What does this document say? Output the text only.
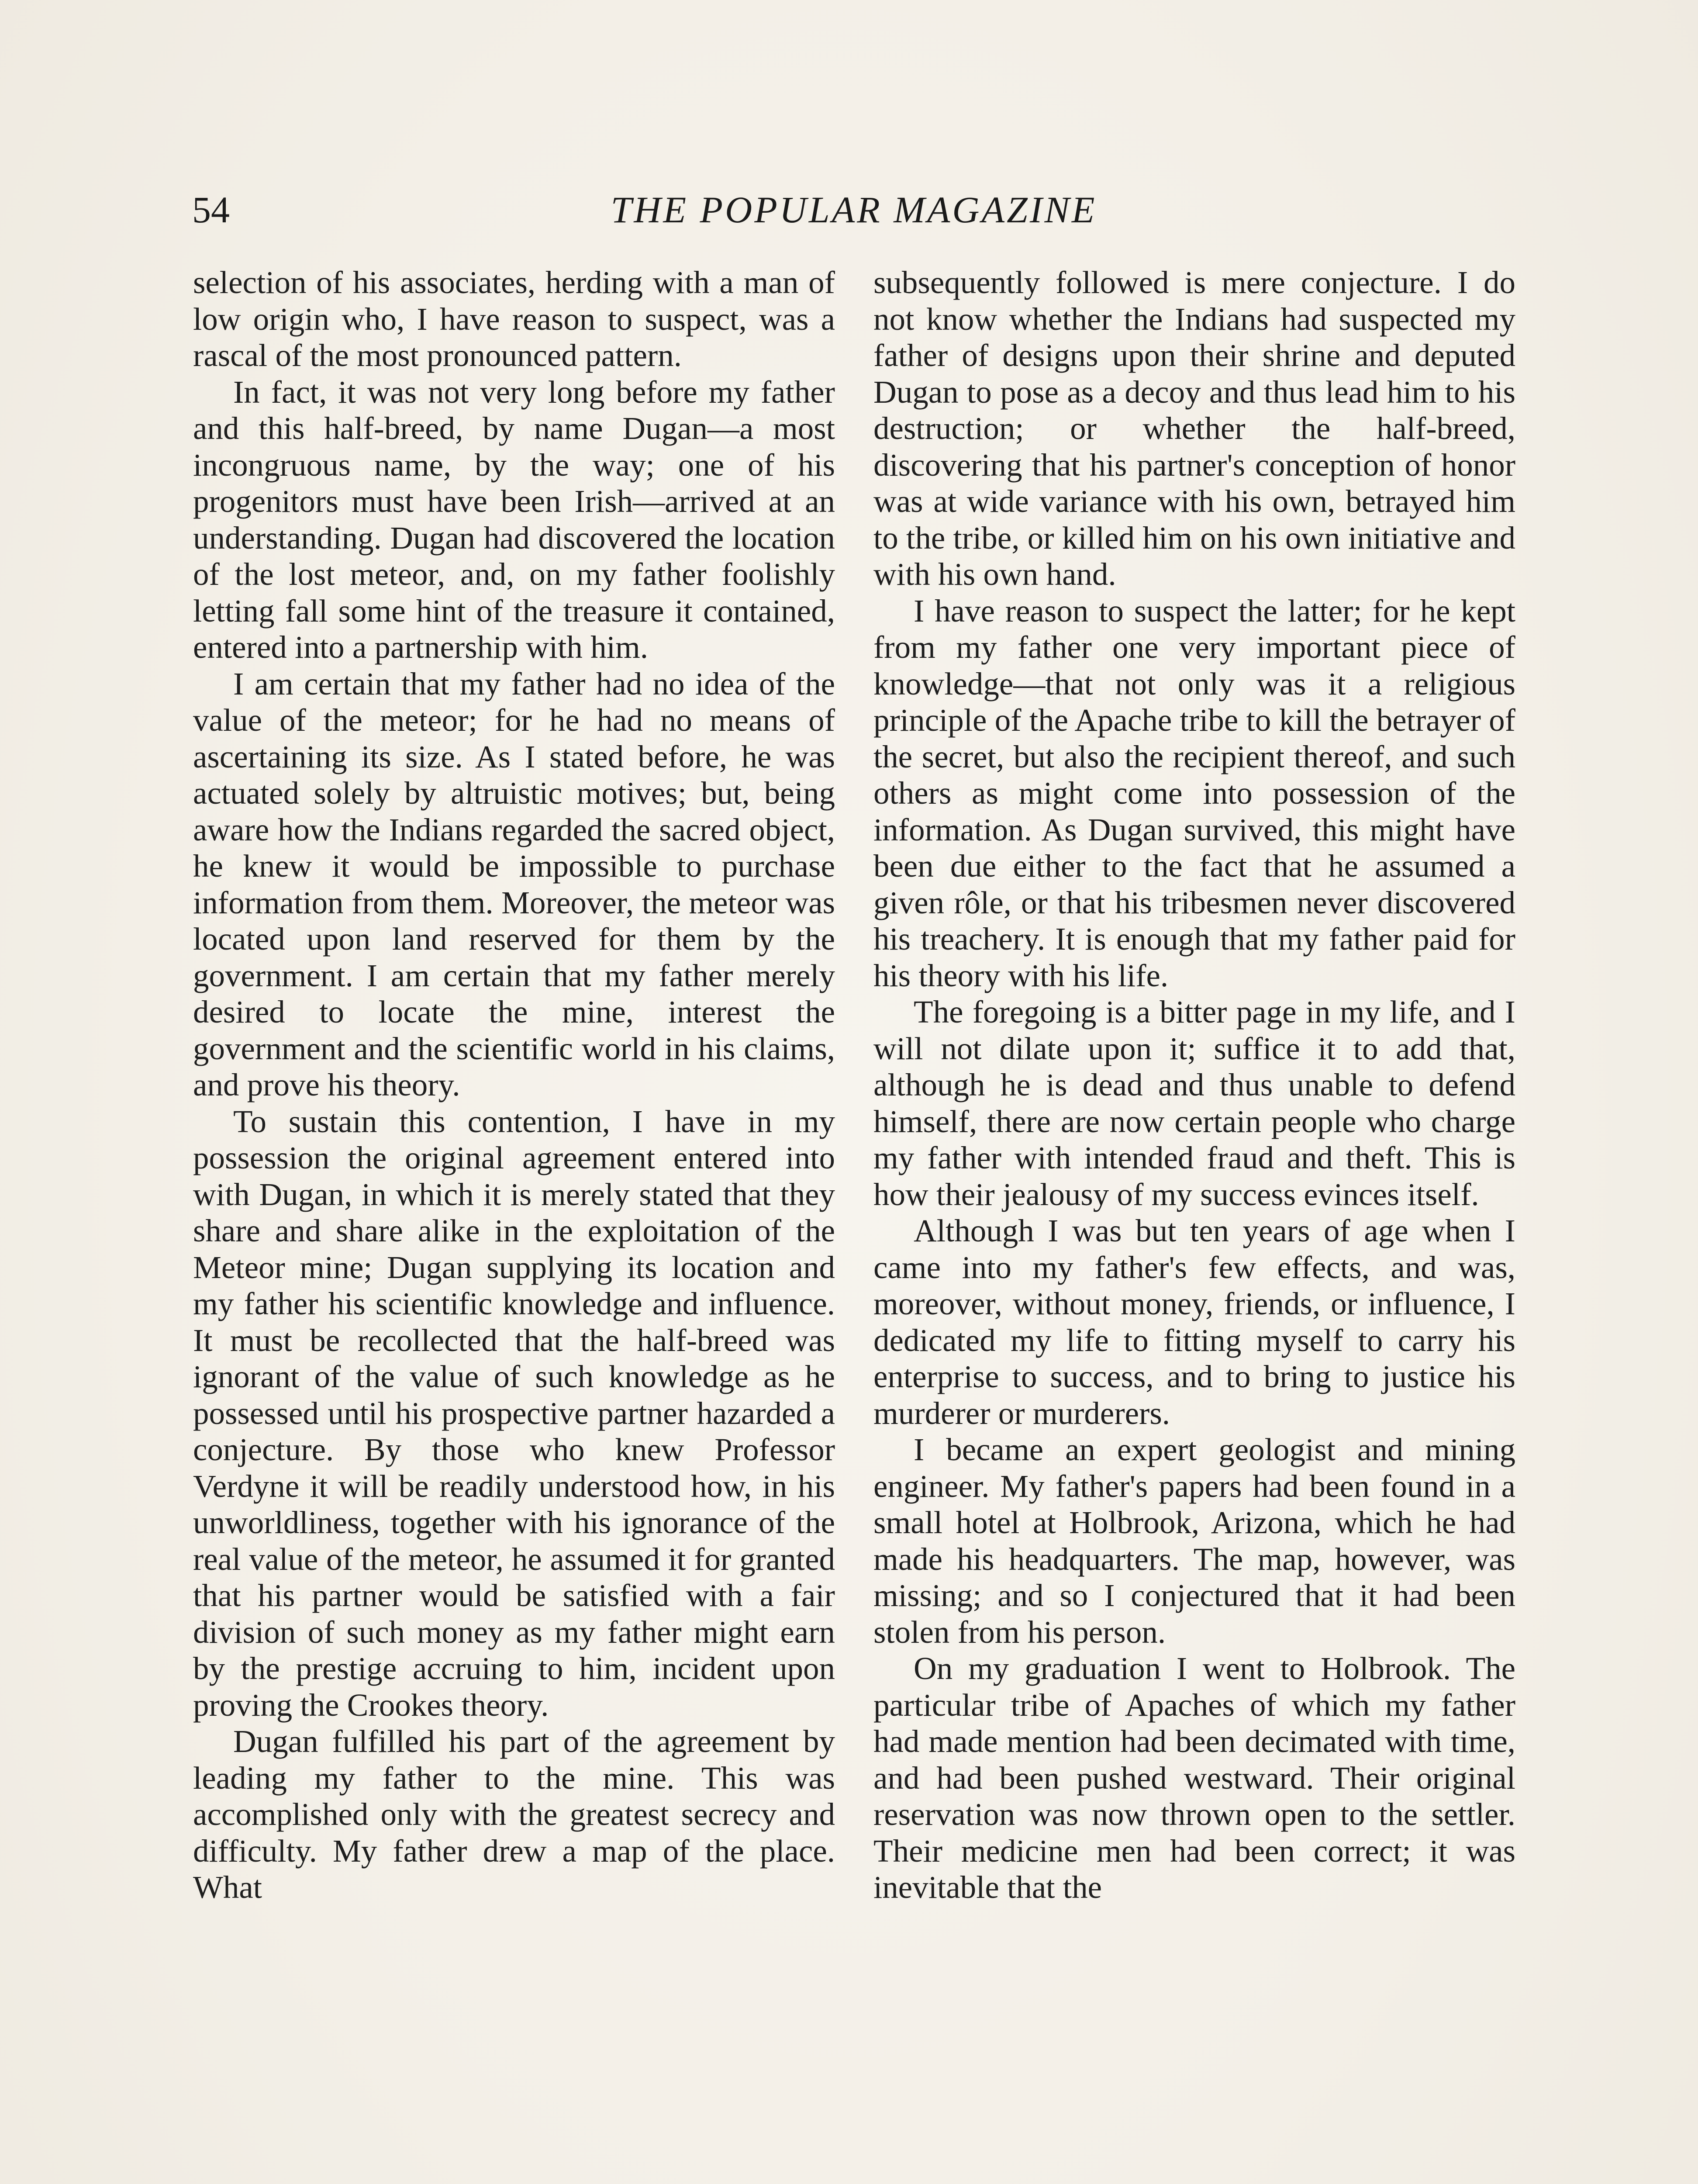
54	THE POPULAR MAGAZINE

selection of his associates, herding with a man of low origin who, I have reason to suspect, was a rascal of the most pronounced pattern.

In fact, it was not very long before my father and this half-breed, by name Dugan—a most incongruous name, by the way; one of his progenitors must have been Irish—arrived at an understanding. Dugan had discovered the location of the lost meteor, and, on my father foolishly letting fall some hint of the treasure it contained, entered into a partnership with him.

I am certain that my father had no idea of the value of the meteor; for he had no means of ascertaining its size. As I stated before, he was actuated solely by altruistic motives; but, being aware how the Indians regarded the sacred object, he knew it would be impossible to purchase information from them. Moreover, the meteor was located upon land reserved for them by the government. I am certain that my father merely desired to locate the mine, interest the government and the scientific world in his claims, and prove his theory.

To sustain this contention, I have in my possession the original agreement entered into with Dugan, in which it is merely stated that they share and share alike in the exploitation of the Meteor mine; Dugan supplying its location and my father his scientific knowledge and influence. It must be recollected that the half-breed was ignorant of the value of such knowledge as he possessed until his prospective partner hazarded a conjecture. By those who knew Professor Verdyne it will be readily understood how, in his unworldliness, together with his ignorance of the real value of the meteor, he assumed it for granted that his partner would be satisfied with a fair division of such money as my father might earn by the prestige accruing to him, incident upon proving the Crookes theory.

Dugan fulfilled his part of the agreement by leading my father to the mine. This was accomplished only with the greatest secrecy and difficulty. My father drew a map of the place. What

subsequently followed is mere conjecture. I do not know whether the Indians had suspected my father of designs upon their shrine and deputed Dugan to pose as a decoy and thus lead him to his destruction; or whether the half-breed, discovering that his partner's conception of honor was at wide variance with his own, betrayed him to the tribe, or killed him on his own initiative and with his own hand.

I have reason to suspect the latter; for he kept from my father one very important piece of knowledge—that not only was it a religious principle of the Apache tribe to kill the betrayer of the secret, but also the recipient thereof, and such others as might come into possession of the information. As Dugan survived, this might have been due either to the fact that he assumed a given rôle, or that his tribesmen never discovered his treachery. It is enough that my father paid for his theory with his life.

The foregoing is a bitter page in my life, and I will not dilate upon it; suffice it to add that, although he is dead and thus unable to defend himself, there are now certain people who charge my father with intended fraud and theft. This is how their jealousy of my success evinces itself.

Although I was but ten years of age when I came into my father's few effects, and was, moreover, without money, friends, or influence, I dedicated my life to fitting myself to carry his enterprise to success, and to bring to justice his murderer or murderers.

I became an expert geologist and mining engineer. My father's papers had been found in a small hotel at Holbrook, Arizona, which he had made his headquarters. The map, however, was missing; and so I conjectured that it had been stolen from his person.

On my graduation I went to Holbrook. The particular tribe of Apaches of which my father had made mention had been decimated with time, and had been pushed westward. Their original reservation was now thrown open to the settler. Their medicine men had been correct; it was inevitable that the
